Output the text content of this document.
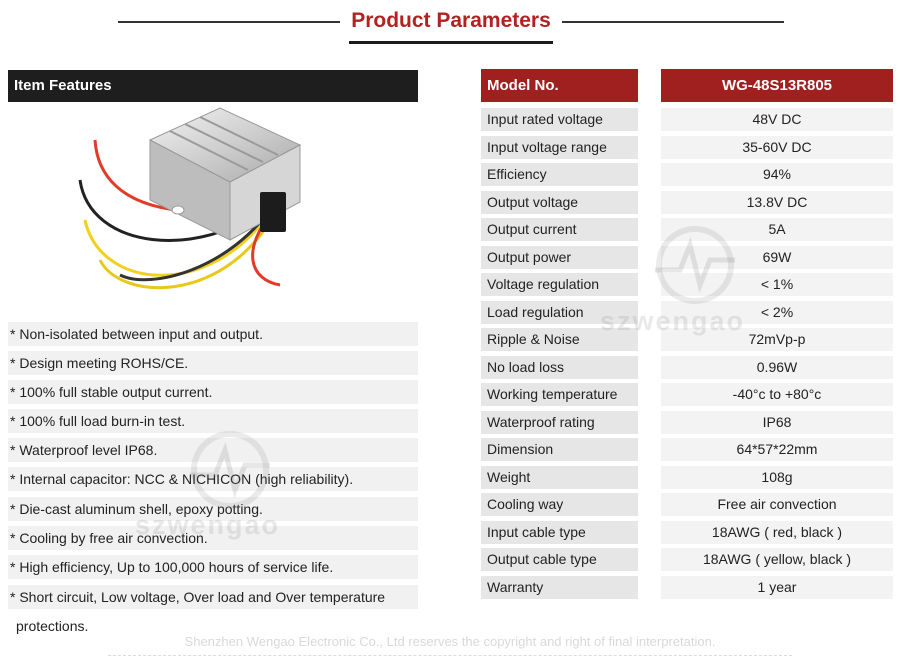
Product Parameters
Item Features
* Non-isolated between input and output.
* Design meeting ROHS/CE.
* 100% full stable output current.
* 100% full load burn-in test.
* Waterproof level IP68.
* Internal capacitor: NCC & NICHICON (high reliability).
* Die-cast aluminum shell, epoxy potting.
* Cooling by free air convection.
* High efficiency, Up to 100,000 hours of service life.
* Short circuit, Low voltage, Over load and Over temperature
protections.
Model No.	WG-48S13R805
Input rated voltage	48V DC
Input voltage range	35-60V DC
Efficiency	94%
Output voltage	13.8V DC
Output current	5A
Output power	69W
Voltage regulation	< 1%
Load regulation	< 2%
Ripple & Noise	72mVp-p
No load loss	0.96W
Working temperature	-40°c to +80°c
Waterproof rating	IP68
Dimension	64*57*22mm
Weight	108g
Cooling way	Free air convection
Input cable type	18AWG ( red, black )
Output cable type	18AWG ( yellow, black )
Warranty	1 year
szwengao
szwengao
Shenzhen Wengao Electronic Co., Ltd reserves the copyright and right of final interpretation.
